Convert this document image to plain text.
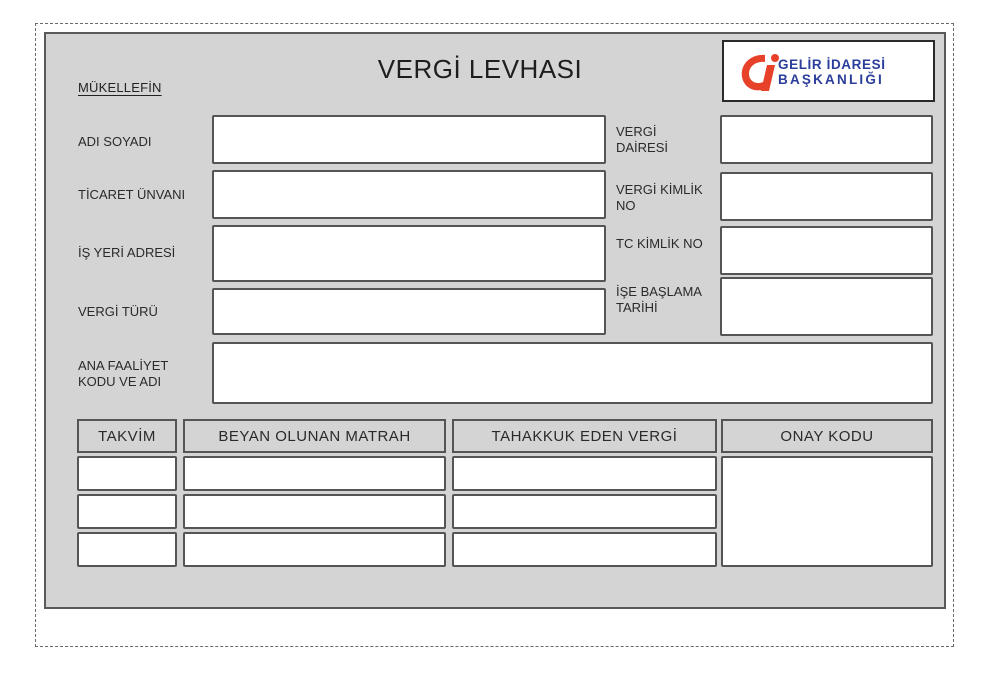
MÜKELLEFİN
VERGİ LEVHASI	GELİR İDARESİ
BAŞKANLIĞI
ADI SOYADI
TİCARET ÜNVANI
İŞ YERİ ADRESİ
VERGİ TÜRÜ
ANA FAALİYET
KODU VE ADI
VERGİ
DAİRESİ
VERGİ KİMLİK
NO
TC KİMLİK NO
İŞE BAŞLAMA
TARİHİ
TAKVİM	BEYAN OLUNAN MATRAH	TAHAKKUK EDEN VERGİ	ONAY KODU
